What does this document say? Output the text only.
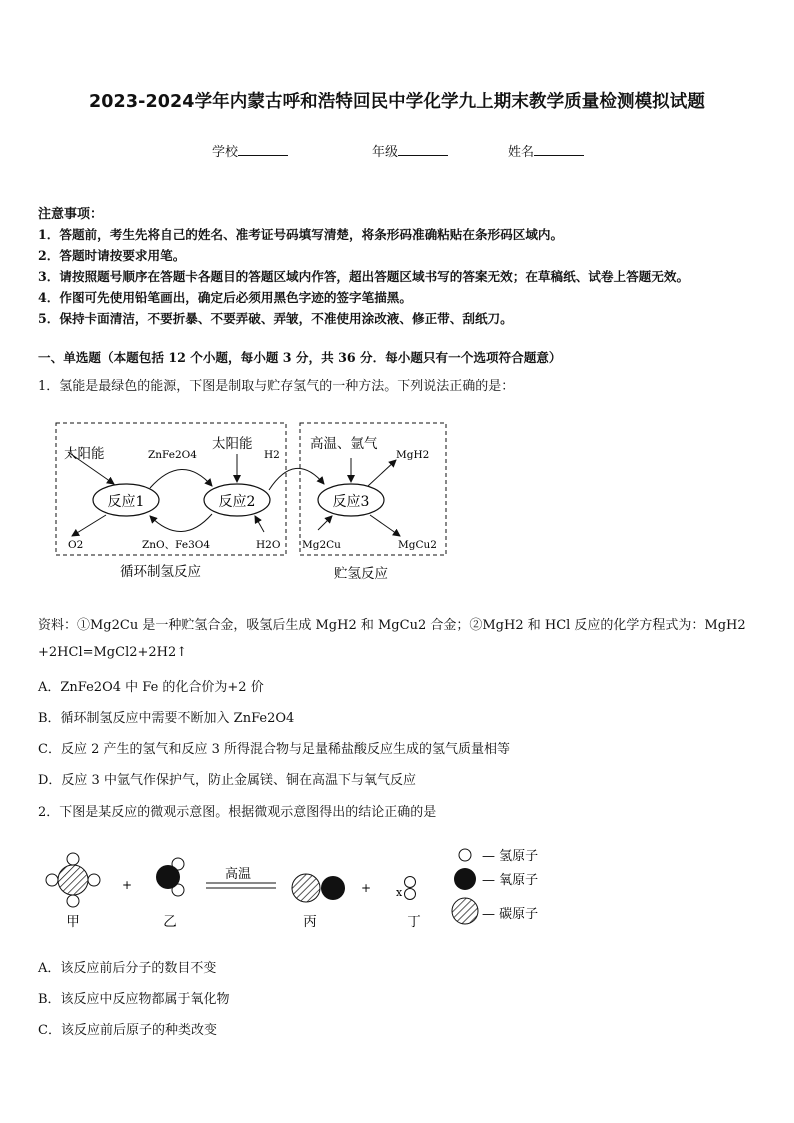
2023-2024学年内蒙古呼和浩特回民中学化学九上期末教学质量检测模拟试题
学校	年级	姓名
注意事项：
1．答题前，考生先将自己的姓名、准考证号码填写清楚，将条形码准确粘贴在条形码区域内。
2．答题时请按要求用笔。
3．请按照题号顺序在答题卡各题目的答题区域内作答，超出答题区域书写的答案无效；在草稿纸、试卷上答题无效。
4．作图可先使用铅笔画出，确定后必须用黑色字迹的签字笔描黑。
5．保持卡面清洁，不要折暴、不要弄破、弄皱，不准使用涂改液、修正带、刮纸刀。
一、单选题（本题包括 12 个小题，每小题 3 分，共 36 分．每小题只有一个选项符合题意）
1．氢能是最绿色的能源，下图是制取与贮存氢气的一种方法。下列说法正确的是：
反应1	反应2	反应3
太阳能
太阳能
ZnFe2O4
ZnO、Fe3O4
O2
H2
H2O
高温、氩气
MgH2
Mg2Cu	MgCu2
循环制氢反应	贮氢反应
资料：①Mg2Cu 是一种贮氢合金，吸氢后生成 MgH2 和 MgCu2 合金；②MgH2 和 HCl 反应的化学方程式为：MgH2
+2HCl=MgCl2+2H2↑
A．ZnFe2O4 中 Fe 的化合价为+2 价
B．循环制氢反应中需要不断加入 ZnFe2O4
C．反应 2 产生的氢气和反应 3 所得混合物与足量稀盐酸反应生成的氢气质量相等
D．反应 3 中氩气作保护气，防止金属镁、铜在高温下与氧气反应
2．下图是某反应的微观示意图。根据微观示意图得出的结论正确的是
+
高温
+ x
甲	乙	丙	丁
— 氢原子
— 氧原子
— 碳原子
A．该反应前后分子的数目不变
B．该反应中反应物都属于氧化物
C．该反应前后原子的种类改变
